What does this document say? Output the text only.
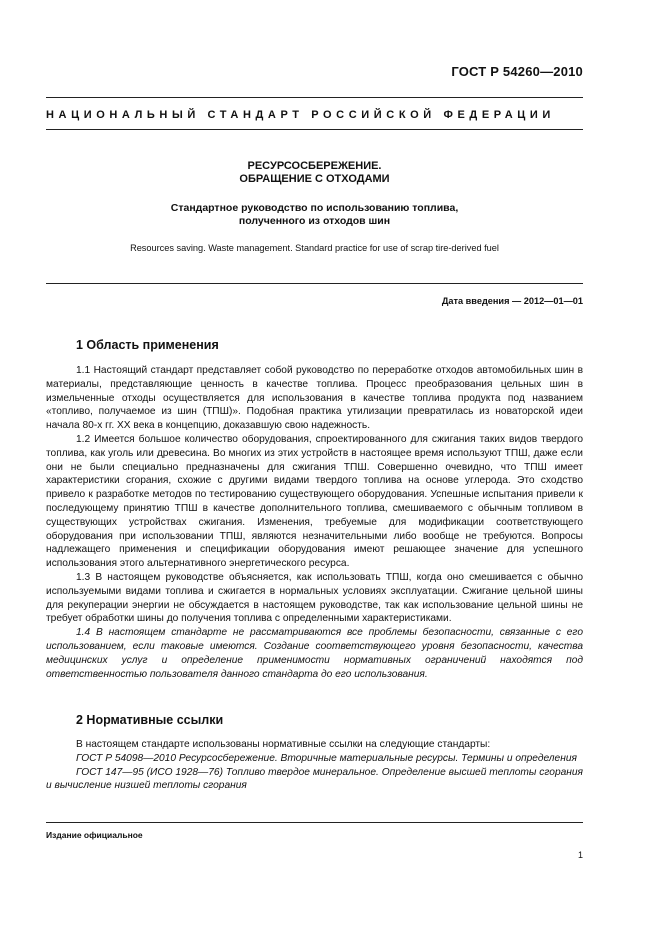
ГОСТ Р 54260—2010
НАЦИОНАЛЬНЫЙ СТАНДАРТ РОССИЙСКОЙ ФЕДЕРАЦИИ
РЕСУРСОСБЕРЕЖЕНИЕ.
ОБРАЩЕНИЕ С ОТХОДАМИ
Стандартное руководство по использованию топлива,
полученного из отходов шин
Resources saving. Waste management. Standard practice for use of scrap tire-derived fuel
Дата введения — 2012—01—01
1 Область применения

1.1 Настоящий стандарт представляет собой руководство по переработке отходов автомобильных шин в материалы, представляющие ценность в качестве топлива. Процесс преобразования цельных шин в измельченные отходы осуществляется для использования в качестве топлива продукта под названием «топливо, получаемое из шин (ТПШ)». Подобная практика утилизации превратилась из новаторской идеи начала 80-х гг. XX века в концепцию, доказавшую свою надежность.

1.2 Имеется большое количество оборудования, спроектированного для сжигания таких видов твердого топлива, как уголь или древесина. Во многих из этих устройств в настоящее время используют ТПШ, даже если они не были специально предназначены для сжигания ТПШ. Совершенно очевидно, что ТПШ имеет характеристики сгорания, схожие с другими видами твердого топлива на основе углерода. Это сходство привело к разработке методов по тестированию существующего оборудования. Успешные испытания привели к последующему принятию ТПШ в качестве дополнительного топлива, смешиваемого с обычным топливом в существующих устройствах сжигания. Изменения, требуемые для модификации соответствующего оборудования при использовании ТПШ, являются незначительными либо вообще не требуются. Вопросы надлежащего применения и спецификации оборудования имеют решающее значение для успешного использования этого альтернативного энергетического ресурса.

1.3 В настоящем руководстве объясняется, как использовать ТПШ, когда оно смешивается с обычно используемыми видами топлива и сжигается в нормальных условиях эксплуатации. Сжигание цельной шины для рекуперации энергии не обсуждается в настоящем руководстве, так как использование цельной шины не требует обработки шины до получения топлива с определенными характеристиками.

1.4 В настоящем стандарте не рассматриваются все проблемы безопасности, связанные с его использованием, если таковые имеются. Создание соответствующего уровня безопасности, качества медицинских услуг и определение применимости нормативных ограничений находятся под ответственностью пользователя данного стандарта до его использования.

2 Нормативные ссылки

В настоящем стандарте использованы нормативные ссылки на следующие стандарты:

ГОСТ Р 54098—2010 Ресурсосбережение. Вторичные материальные ресурсы. Термины и определения

ГОСТ 147—95 (ИСО 1928—76) Топливо твердое минеральное. Определение высшей теплоты сгорания и вычисление низшей теплоты сгорания

Издание официальное
1
